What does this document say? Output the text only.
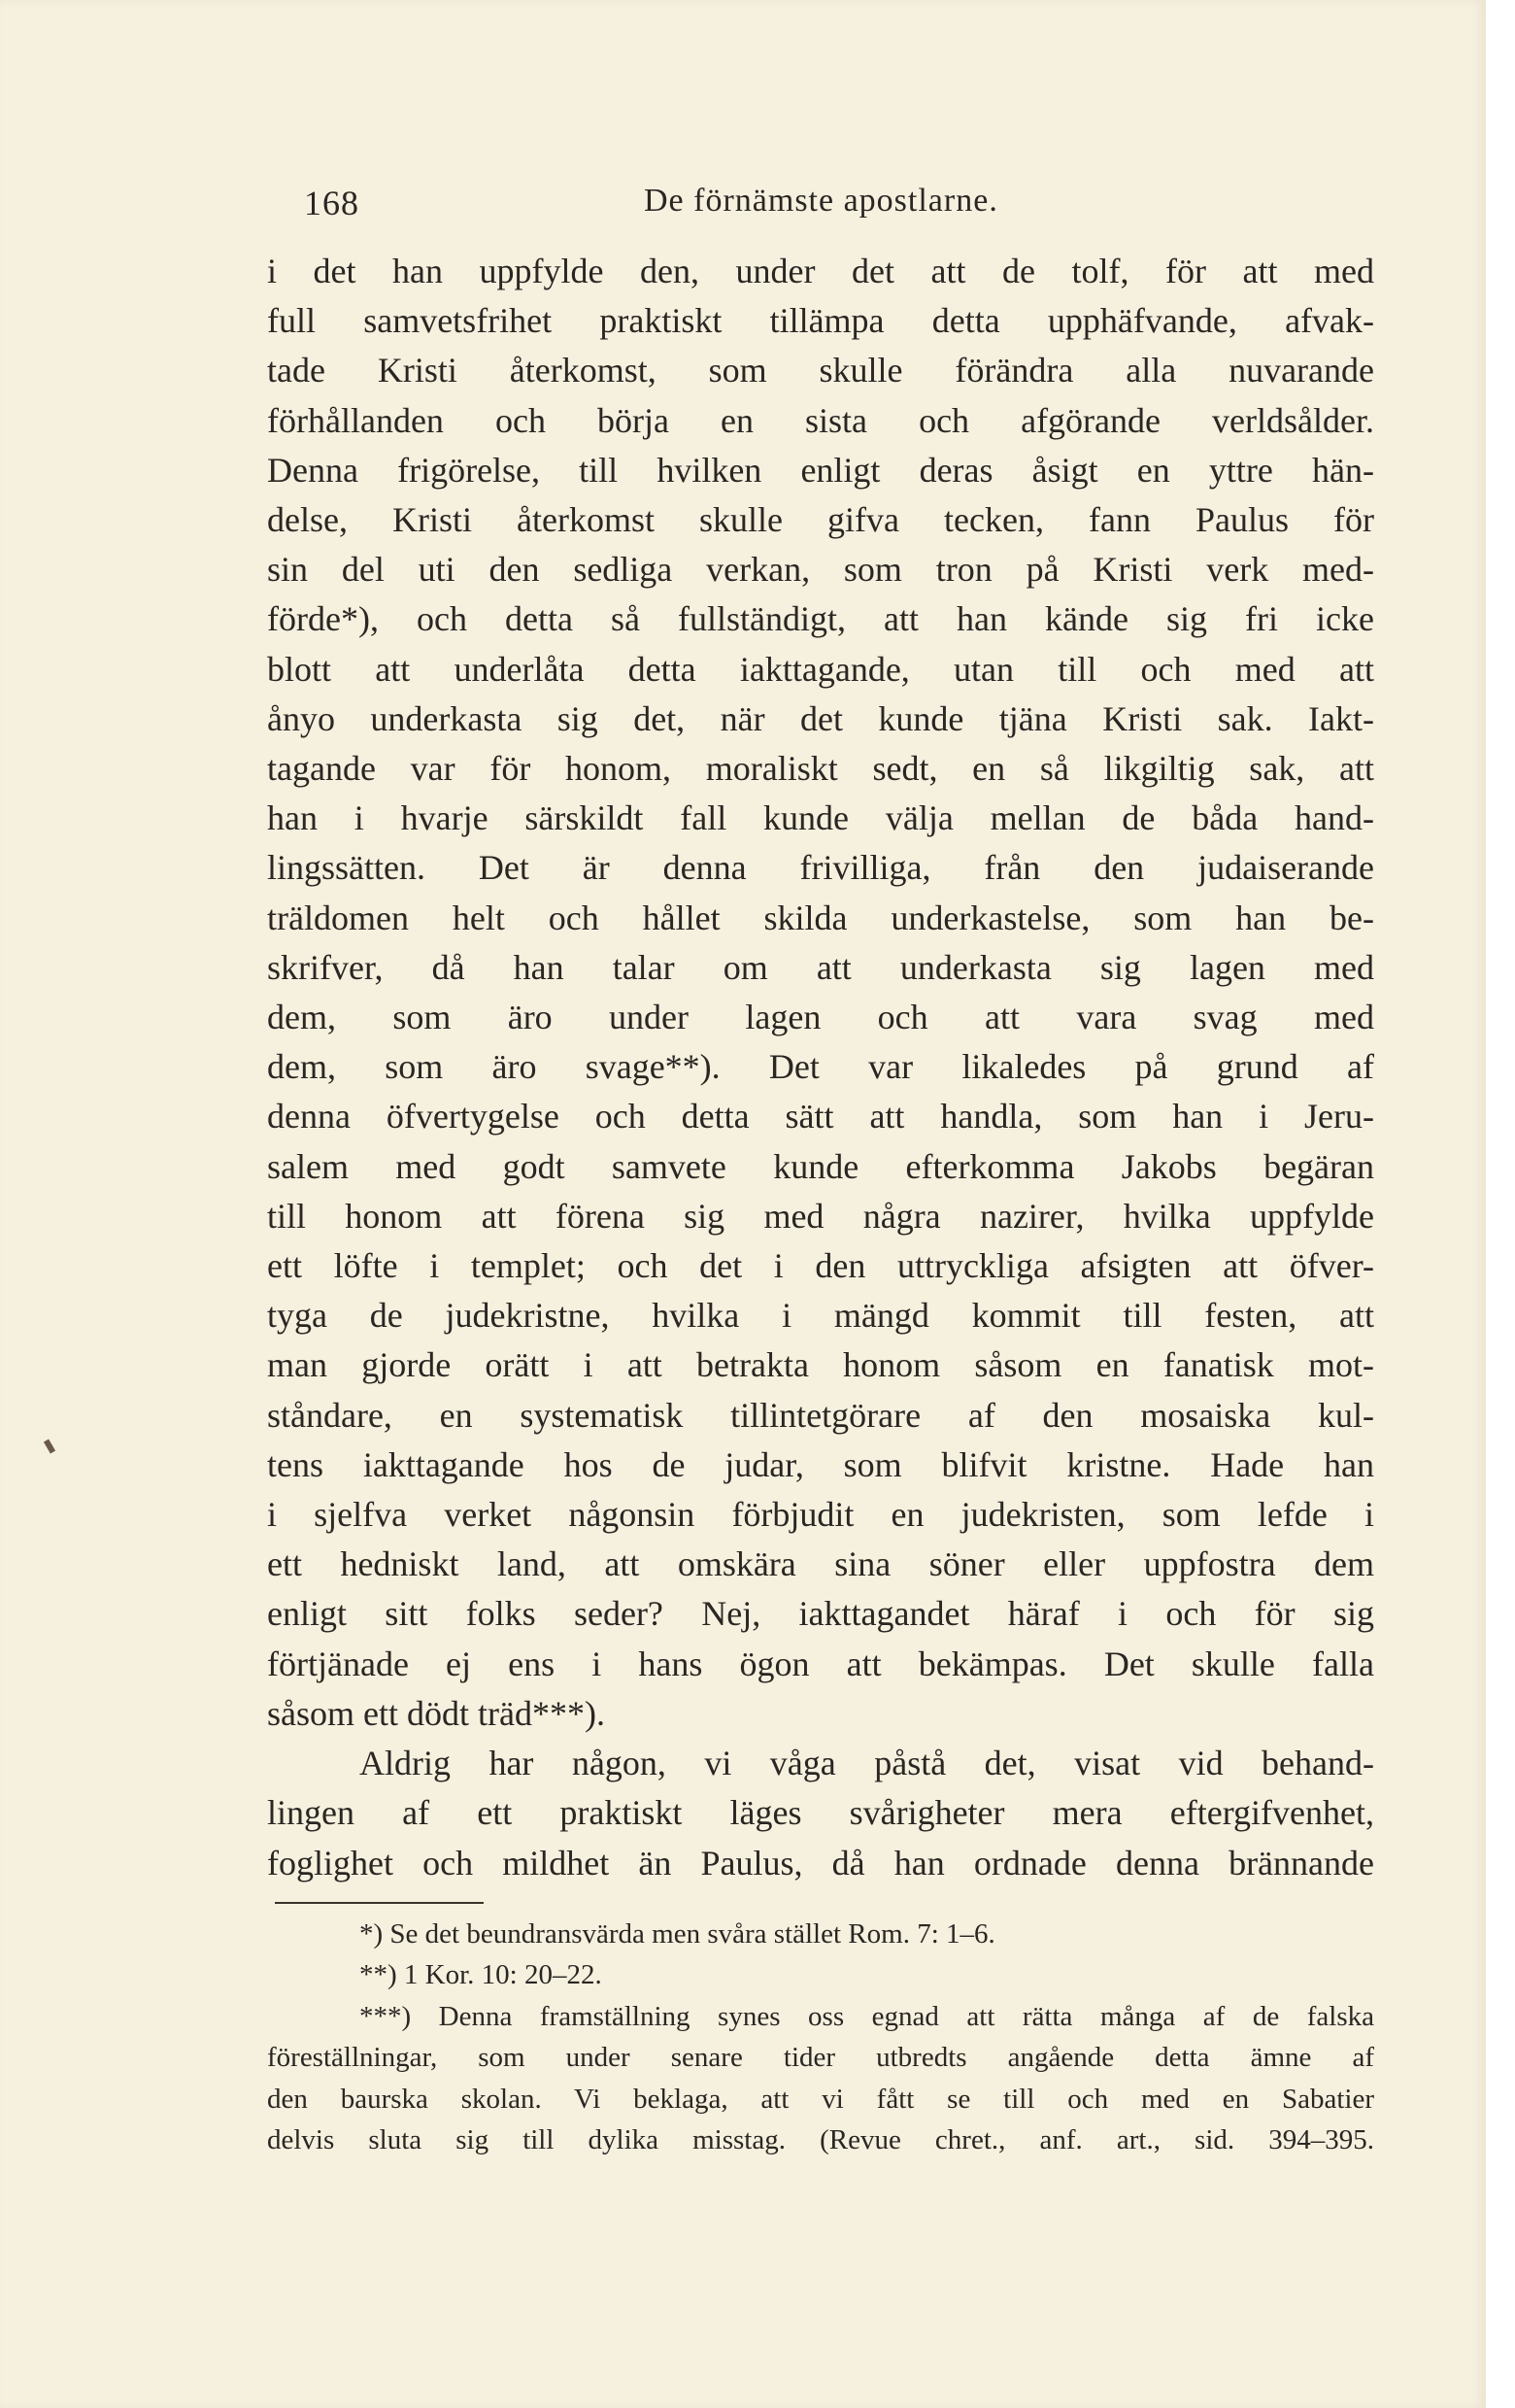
168	De förnämste apostlarne.

i det han uppfylde den, under det att de tolf, för att med
full samvetsfrihet praktiskt tillämpa detta upphäfvande, afvak-
tade Kristi återkomst, som skulle förändra alla nuvarande
förhållanden och börja en sista och afgörande verldsålder.
Denna frigörelse, till hvilken enligt deras åsigt en yttre hän-
delse, Kristi återkomst skulle gifva tecken, fann Paulus för
sin del uti den sedliga verkan, som tron på Kristi verk med-
förde*), och detta så fullständigt, att han kände sig fri icke
blott att underlåta detta iakttagande, utan till och med att
ånyo underkasta sig det, när det kunde tjäna Kristi sak. Iakt-
tagande var för honom, moraliskt sedt, en så likgiltig sak, att
han i hvarje särskildt fall kunde välja mellan de båda hand-
lingssätten. Det är denna frivilliga, från den judaiserande
träldomen helt och hållet skilda underkastelse, som han be-
skrifver, då han talar om att underkasta sig lagen med
dem, som äro under lagen och att vara svag med
dem, som äro svage**). Det var likaledes på grund af
denna öfvertygelse och detta sätt att handla, som han i Jeru-
salem med godt samvete kunde efterkomma Jakobs begäran
till honom att förena sig med några nazirer, hvilka uppfylde
ett löfte i templet; och det i den uttryckliga afsigten att öfver-
tyga de judekristne, hvilka i mängd kommit till festen, att
man gjorde orätt i att betrakta honom såsom en fanatisk mot-
ståndare, en systematisk tillintetgörare af den mosaiska kul-
tens iakttagande hos de judar, som blifvit kristne. Hade han
i sjelfva verket någonsin förbjudit en judekristen, som lefde i
ett hedniskt land, att omskära sina söner eller uppfostra dem
enligt sitt folks seder? Nej, iakttagandet häraf i och för sig
förtjänade ej ens i hans ögon att bekämpas. Det skulle falla
såsom ett dödt träd***).
Aldrig har någon, vi våga påstå det, visat vid behand-
lingen af ett praktiskt läges svårigheter mera eftergifvenhet,
foglighet och mildhet än Paulus, då han ordnade denna brännande

*) Se det beundransvärda men svåra stället Rom. 7: 1–6.
**) 1 Kor. 10: 20–22.
***) Denna framställning synes oss egnad att rätta många af de falska
föreställningar, som under senare tider utbredts angående detta ämne af
den baurska skolan. Vi beklaga, att vi fått se till och med en Sabatier
delvis sluta sig till dylika misstag. (Revue chret., anf. art., sid. 394–395.
